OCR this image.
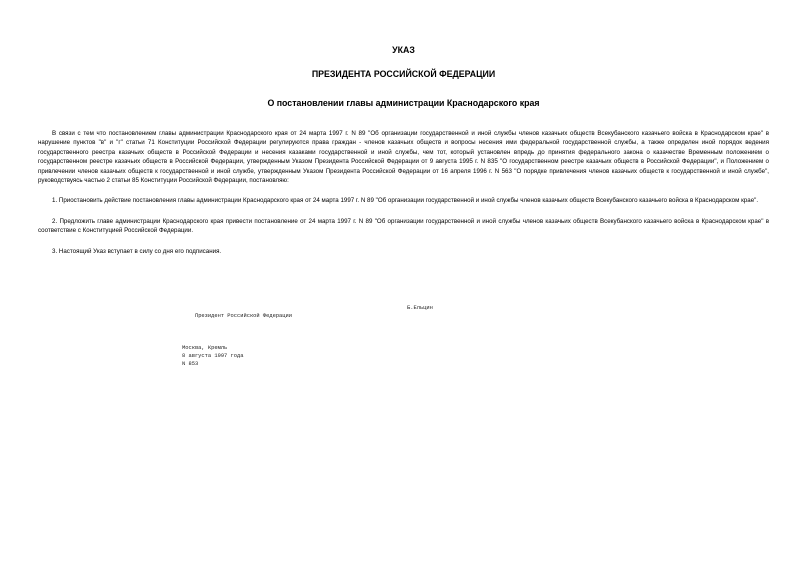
УКАЗ

ПРЕЗИДЕНТА РОССИЙСКОЙ ФЕДЕРАЦИИ

О постановлении главы администрации Краснодарского края

В связи с тем что постановлением главы администрации Краснодарского края от 24 марта 1997 г. N 89 "Об организации государственной и иной службы членов казачьих обществ Всекубанского казачьего войска в Краснодарском крае" в нарушение пунктов "в" и "г" статьи 71 Конституции Российской Федерации регулируются права граждан - членов казачьих обществ и вопросы несения ими федеральной государственной службы, а также определен иной порядок ведения государственного реестра казачьих обществ в Российской Федерации и несения казаками государственной и иной службы, чем тот, который установлен впредь до принятия федерального закона о казачестве Временным положением о государственном реестре казачьих обществ в Российской Федерации, утвержденным Указом Президента Российской Федерации от 9 августа 1995 г. N 835 "О государственном реестре казачьих обществ в Российской Федерации", и Положением о привлечении членов казачьих обществ к государственной и иной службе, утвержденным Указом Президента Российской Федерации от 16 апреля 1996 г. N 563 "О порядке привлечения членов казачьих обществ к государственной и иной службе", руководствуясь частью 2 статьи 85 Конституции Российской Федерации, постановляю:

1. Приостановить действие постановления главы администрации Краснодарского края от 24 марта 1997 г. N 89 "Об организации государственной и иной службы членов казачьих обществ Всекубанского казачьего войска в Краснодарском крае".

2. Предложить главе администрации Краснодарского края привести постановление от 24 марта 1997 г. N 89 "Об организации государственной и иной службы членов казачьих обществ Всекубанского казачьего войска в Краснодарском крае" в соответствие с Конституцией Российской Федерации.

3. Настоящий Указ вступает в силу со дня его подписания.

Президент Российской Федерации

Б.Ельцин

Москва, Кремль
8 августа 1997 года
N 853
